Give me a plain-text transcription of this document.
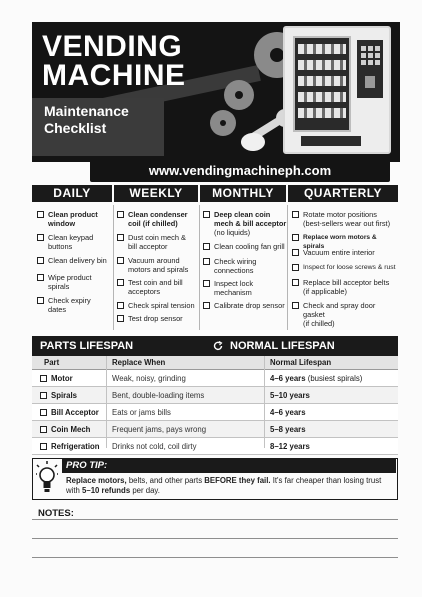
VENDING
MACHINE
Maintenance
Checklist
www.vendingmachineph.com
DAILY	WEEKLY	MONTHLY	QUARTERLY
Clean product
window
Clean keypad
buttons
Clean delivery bin
Wipe product
spirals
Check expiry
dates
Clean condenser
coil (if chilled)
Dust coin mech &
bill acceptor
Vacuum around
motors and spirals
Test coin and bill
acceptors
Check spiral tension
Test drop sensor
Deep clean coin
mech & bill acceptor
(no liquids)
Clean cooling fan grill
Check wiring
connections
Inspect lock
mechanism
Calibrate drop sensor
Rotate motor positions
(best-sellers wear out first)
Replace worn motors & spirals
Vacuum entire interior
Inspect for loose screws & rust
Replace bill acceptor belts
(if applicable)
Check and spray door gasket
(if chilled)
PARTS LIFESPAN	NORMAL LIFESPAN
Part	Replace When	Normal Lifespan
Motor	Weak, noisy, grinding	4–6 years (busiest spirals)
Spirals	Bent, double-loading items	5–10 years
Bill Acceptor	Eats or jams bills	4–6 years
Coin Mech	Frequent jams, pays wrong	5–8 years
Refrigeration	Drinks not cold, coil dirty	8–12 years
PRO TIP:
Replace motors, belts, and other parts BEFORE they fail. It's far cheaper than losing trust
with 5–10 refunds per day.
NOTES:
